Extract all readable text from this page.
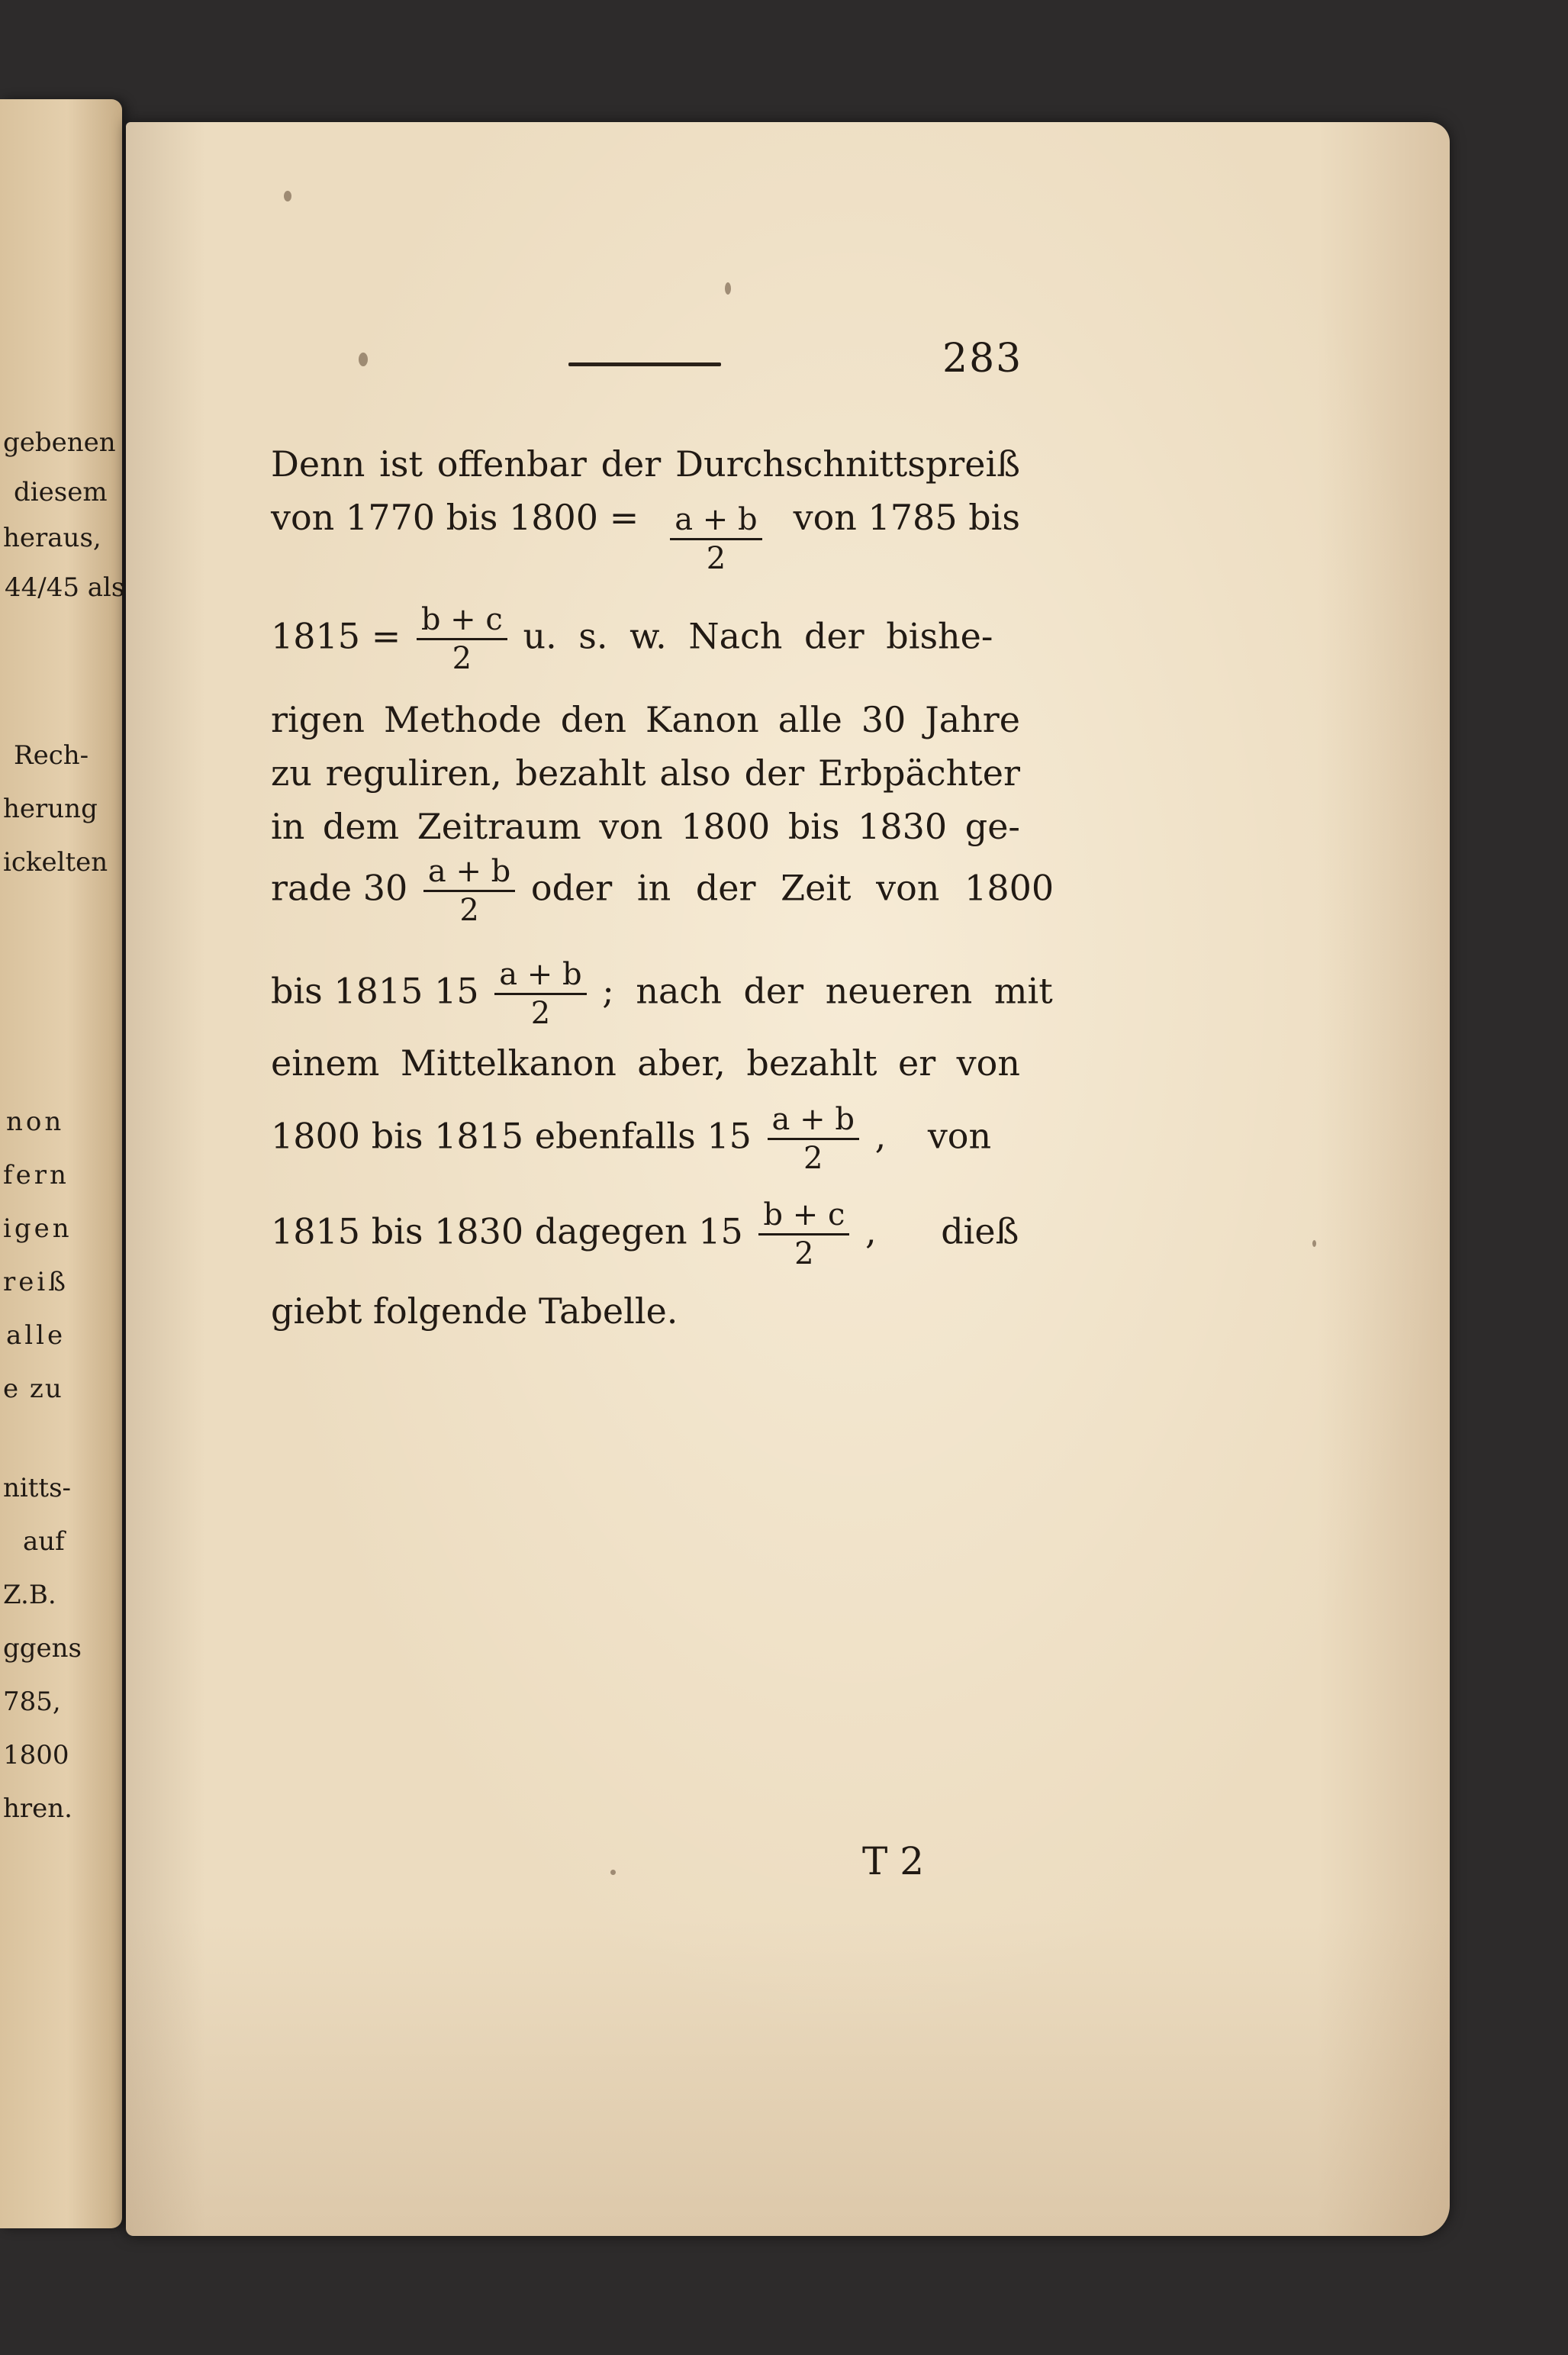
gebenen
diesem
heraus,
44/45 als
Rech-
herung
ickelten
non
fern
igen
reiß
alle
e zu
nitts-
auf
Z.B.
ggens
785,
1800
hren.
283
Denn ist offenbar der Durchschnittspreiß
von 1770 bis $1800 = \frac{a + b}{2}$ von 1785 bis
$1815 = \frac{b + c}{2} u$. s. w. Nach der bishe-
rigen Methode den Kanon alle 30 Jahre
zu reguliren, bezahlt also der Erbpächter
in dem Zeitraum von 1800 bis 1830 ge-
rade $30 \frac{a + b}{2}$ oder in der Zeit von 1800
bis 1815 $15 \frac{a + b}{2}$ ; nach der neueren mit
einem Mittelkanon aber, bezahlt er von
1800 bis 1815 ebenfalls $15 \frac{a + b}{2}$ , von
1815 bis 1830 dagegen $15 \frac{b + c}{2}$ , dieß
giebt folgende Tabelle.
T 2
